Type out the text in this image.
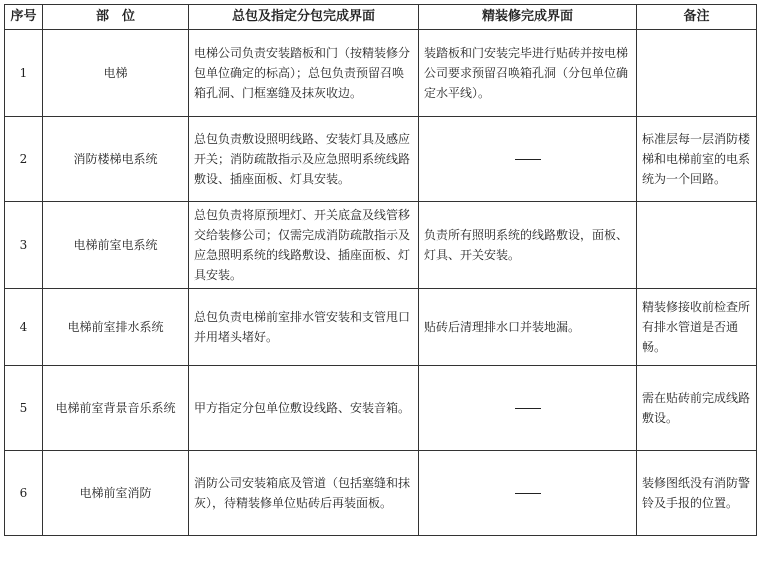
序号	部　位	总包及指定分包完成界面	精装修完成界面	备注
1	电梯	电梯公司负责安装踏板和门（按精装修分包单位确定的标高）；总包负责预留召唤箱孔洞、门框塞缝及抹灰收边。	装踏板和门安装完毕进行贴砖并按电梯公司要求预留召唤箱孔洞（分包单位确定水平线）。	
2	消防楼梯电系统	总包负责敷设照明线路、安装灯具及感应开关；消防疏散指示及应急照明系统线路敷设、插座面板、灯具安装。		标准层每一层消防楼梯和电梯前室的电系统为一个回路。
3	电梯前室电系统	总包负责将原预埋灯、开关底盒及线管移交给装修公司；仅需完成消防疏散指示及应急照明系统的线路敷设、插座面板、灯具安装。	负责所有照明系统的线路敷设，面板、灯具、开关安装。	
4	电梯前室排水系统	总包负责电梯前室排水管安装和支管甩口并用堵头堵好。	贴砖后清理排水口并装地漏。	精装修接收前检查所有排水管道是否通畅。
5	电梯前室背景音乐系统	甲方指定分包单位敷设线路、安装音箱。		需在贴砖前完成线路敷设。
6	电梯前室消防	消防公司安装箱底及管道（包括塞缝和抹灰），待精装修单位贴砖后再装面板。		装修图纸没有消防警铃及手报的位置。
